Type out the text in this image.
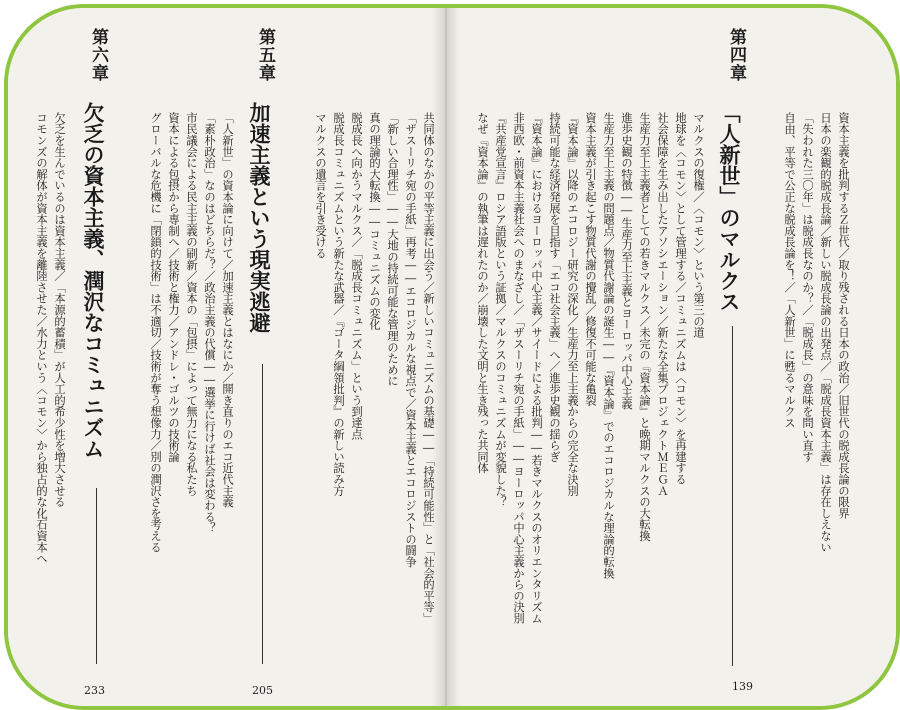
第四章
「人新世」のマルクス
139
資本主義を批判するＺ世代／取り残される日本の政治／旧世代の脱成長論の限界
日本の楽観的脱成長論／新しい脱成長論の出発点／「脱成長資本主義」は存在しえない
「失われた三〇年」は脱成長なのか？／「脱成長」の意味を問い直す
自由、平等で公正な脱成長論を！／「人新世」に甦るマルクス
マルクスの復権／〈コモン〉という第三の道
地球を〈コモン〉として管理する／コミュニズムは〈コモン〉を再建する
社会保障を生み出したアソシエーション／新たな全集プロジェクトＭＥＧＡ
生産力至上主義者としての若きマルクス／未完の『資本論』と晩期マルクスの大転換
進歩史観の特徴――生産力至上主義とヨーロッパ中心主義
生産力至上主義の問題点／物質代謝論の誕生――『資本論』でのエコロジカルな理論的転換
資本主義が引き起こす物質代謝の攪乱／修復不可能な亀裂
『資本論』以降のエコロジー研究の深化／生産力至上主義からの完全な決別
持続可能な経済発展を目指す「エコ社会主義」へ／進歩史観の揺らぎ
『資本論』におけるヨーロッパ中心主義／サイードによる批判――若きマルクスのオリエンタリズム
非西欧・前資本主義社会へのまなざし／「ザスーリチ宛の手紙」――ヨーロッパ中心主義からの決別
『共産党宣言』ロシア語版という証拠／マルクスのコミュニズムが変貌した？
なぜ『資本論』の執筆は遅れたのか／崩壊した文明と生き残った共同体
共同体のなかの平等主義に出会う／新しいコミュニズムの基礎――「持続可能性」と「社会的平等」
「ザスーリチ宛の手紙」再考――エコロジカルな視点で／資本主義とエコロジストの闘争
「新しい合理性」――大地の持続可能な管理のために
真の理論的大転換――コミュニズムの変化
脱成長へ向かうマルクス／「脱成長コミュニズム」という到達点
脱成長コミュニズムという新たな武器／『ゴータ綱領批判』の新しい読み方
マルクスの遺言を引き受ける
第五章
加速主義という現実逃避
205
「人新世」の資本論に向けて／加速主義とはなにか／開き直りのエコ近代主義
「素朴政治」なのはどちらだ？／政治主義の代償――選挙に行けば社会は変わる？
市民議会による民主主義の刷新／資本の「包摂」によって無力になる私たち
資本による包摂から専制へ／技術と権力／アンドレ・ゴルツの技術論
グローバルな危機に「閉鎖的技術」は不適切／技術が奪う想像力／別の潤沢さを考える
第六章
欠乏の資本主義、潤沢なコミュニズム
233
欠乏を生んでいるのは資本主義／「本源的蓄積」が人工的希少性を増大させる
コモンズの解体が資本主義を離陸させた／水力という〈コモン〉から独占的な化石資本へ
